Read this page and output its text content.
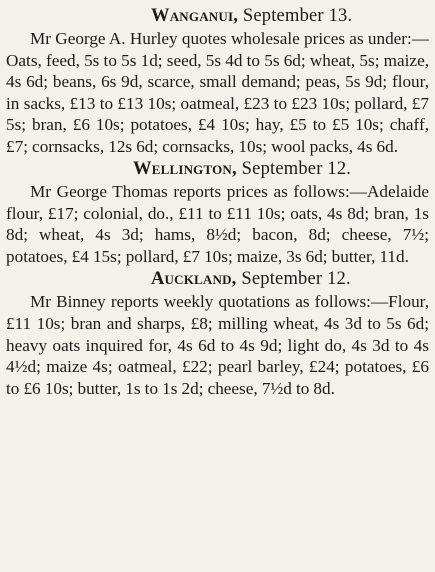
Wanganui, September 13.

Mr George A. Hurley quotes wholesale prices as under:—Oats, feed, 5s to 5s 1d; seed, 5s 4d to 5s 6d; wheat, 5s; maize, 4s 6d; beans, 6s 9d, scarce, small demand; peas, 5s 9d; flour, in sacks, £13 to £13 10s; oatmeal, £23 to £23 10s; pollard, £7 5s; bran, £6 10s; potatoes, £4 10s; hay, £5 to £5 10s; chaff, £7; cornsacks, 12s 6d; cornsacks, 10s; wool packs, 4s 6d.

Wellington, September 12.

Mr George Thomas reports prices as follows:—Adelaide flour, £17; colonial, do., £11 to £11 10s; oats, 4s 8d; bran, 1s 8d; wheat, 4s 3d; hams, 8½d; bacon, 8d; cheese, 7½; potatoes, £4 15s; pollard, £7 10s; maize, 3s 6d; butter, 11d.

Auckland, September 12.

Mr Binney reports weekly quotations as follows:—Flour, £11 10s; bran and sharps, £8; milling wheat, 4s 3d to 5s 6d; heavy oats inquired for, 4s 6d to 4s 9d; light do, 4s 3d to 4s 4½d; maize 4s; oatmeal, £22; pearl barley, £24; potatoes, £6 to £6 10s; butter, 1s to 1s 2d; cheese, 7½d to 8d.
